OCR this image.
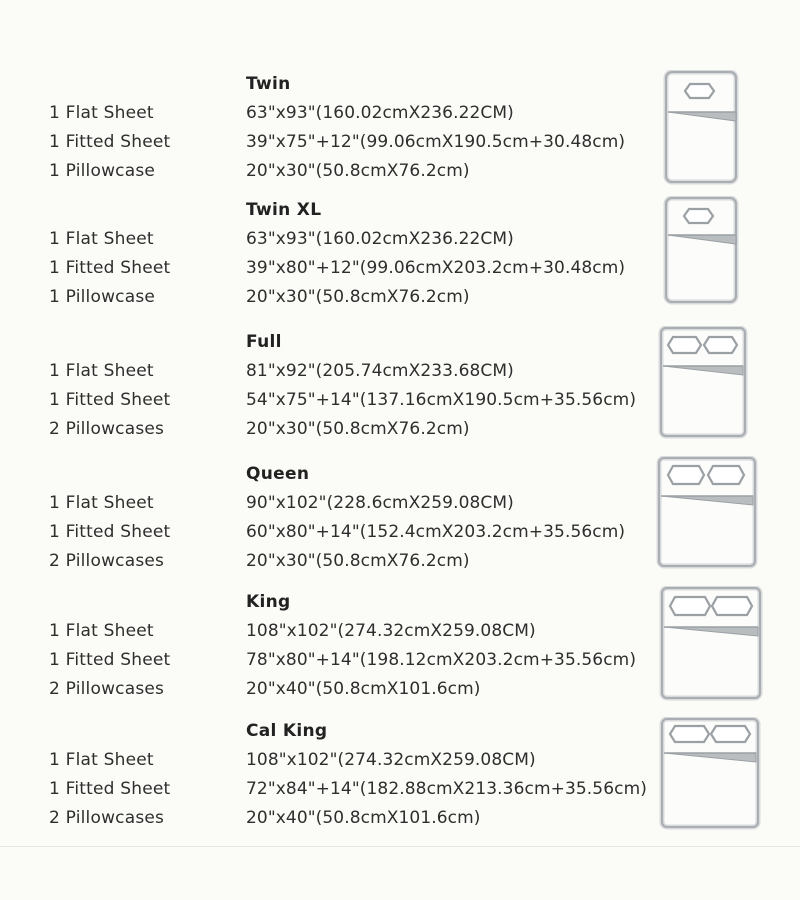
Twin
1 Flat Sheet	63"x93"(160.02cmX236.22CM)
1 Fitted Sheet	39"x75"+12"(99.06cmX190.5cm+30.48cm)
1 Pillowcase	20"x30"(50.8cmX76.2cm)
Twin XL
1 Flat Sheet	63"x93"(160.02cmX236.22CM)
1 Fitted Sheet	39"x80"+12"(99.06cmX203.2cm+30.48cm)
1 Pillowcase	20"x30"(50.8cmX76.2cm)
Full
1 Flat Sheet	81"x92"(205.74cmX233.68CM)
1 Fitted Sheet	54"x75"+14"(137.16cmX190.5cm+35.56cm)
2 Pillowcases	20"x30"(50.8cmX76.2cm)
Queen
1 Flat Sheet	90"x102"(228.6cmX259.08CM)
1 Fitted Sheet	60"x80"+14"(152.4cmX203.2cm+35.56cm)
2 Pillowcases	20"x30"(50.8cmX76.2cm)
King
1 Flat Sheet	108"x102"(274.32cmX259.08CM)
1 Fitted Sheet	78"x80"+14"(198.12cmX203.2cm+35.56cm)
2 Pillowcases	20"x40"(50.8cmX101.6cm)
Cal King
1 Flat Sheet	108"x102"(274.32cmX259.08CM)
1 Fitted Sheet	72"x84"+14"(182.88cmX213.36cm+35.56cm)
2 Pillowcases	20"x40"(50.8cmX101.6cm)
